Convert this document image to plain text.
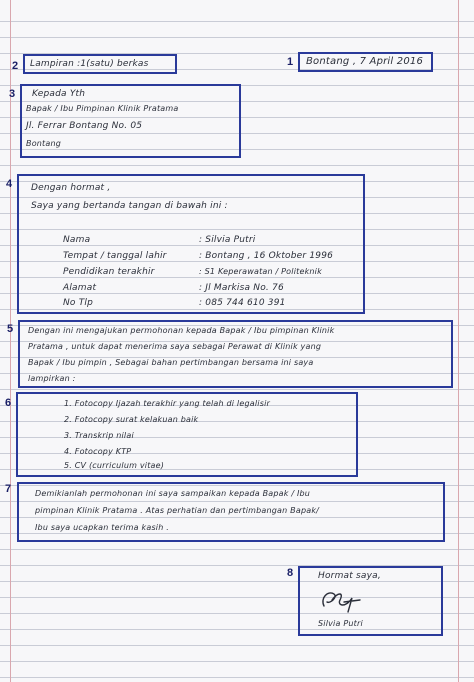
2 Lampiran :1(satu) berkas	1 Bontang , 7 April 2016
3 Kepada Yth
Bapak / Ibu Pimpinan Klinik Pratama
Jl. Ferrar Bontang No. 05
Bontang
4 Dengan hormat ,
Saya yang bertanda tangan di bawah ini :
Nama	: Silvia Putri
Tempat / tanggal lahir	: Bontang , 16 Oktober 1996
Pendidikan terakhir	: S1 Keperawatan / Politeknik
Alamat	: Jl Markisa No. 76
No Tlp	: 085 744 610 391
5 Dengan ini mengajukan permohonan kepada Bapak / Ibu pimpinan Klinik
Pratama , untuk dapat menerima saya sebagai Perawat di Klinik yang
Bapak / Ibu pimpin , Sebagai bahan pertimbangan bersama ini saya
lampirkan :
6	1. Fotocopy Ijazah terakhir yang telah di legalisir
2. Fotocopy surat kelakuan baik
3. Transkrip nilai
4. Fotocopy KTP
5. CV (curriculum vitae)
7	Demikianlah permohonan ini saya sampaikan kepada Bapak / Ibu
pimpinan Klinik Pratama . Atas perhatian dan pertimbangan Bapak/
Ibu saya ucapkan terima kasih .
8	Hormat saya,
Silvia Putri
